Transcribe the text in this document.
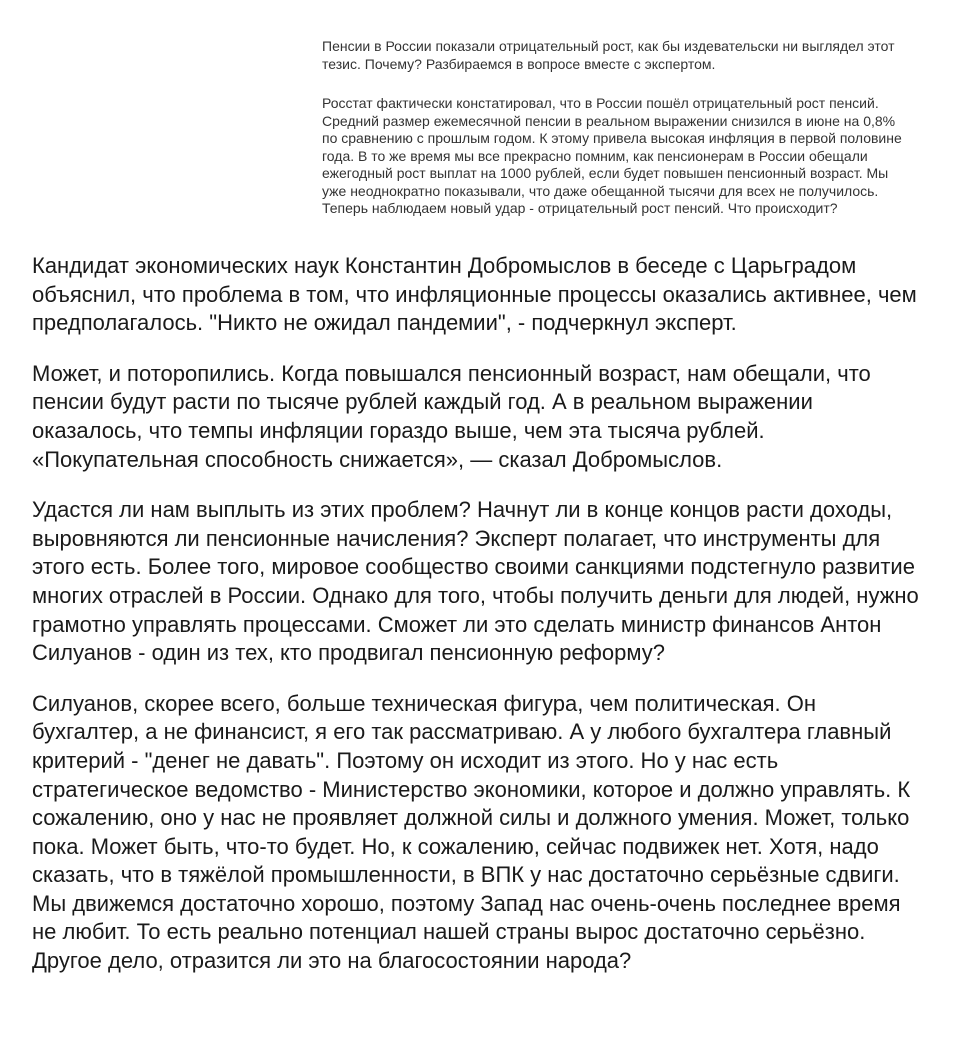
Пенсии в России показали отрицательный рост, как бы издевательски ни выглядел этот тезис. Почему? Разбираемся в вопросе вместе с экспертом.

Росстат фактически констатировал, что в России пошёл отрицательный рост пенсий. Средний размер ежемесячной пенсии в реальном выражении снизился в июне на 0,8% по сравнению с прошлым годом. К этому привела высокая инфляция в первой половине года. В то же время мы все прекрасно помним, как пенсионерам в России обещали ежегодный рост выплат на 1000 рублей, если будет повышен пенсионный возраст. Мы уже неоднократно показывали, что даже обещанной тысячи для всех не получилось. Теперь наблюдаем новый удар - отрицательный рост пенсий. Что происходит?

Кандидат экономических наук Константин Добромыслов в беседе с Царьградом объяснил, что проблема в том, что инфляционные процессы оказались активнее, чем предполагалось. "Никто не ожидал пандемии", - подчеркнул эксперт.

Может, и поторопились. Когда повышался пенсионный возраст, нам обещали, что пенсии будут расти по тысяче рублей каждый год. А в реальном выражении оказалось, что темпы инфляции гораздо выше, чем эта тысяча рублей. «Покупательная способность снижается», — сказал Добромыслов.

Удастся ли нам выплыть из этих проблем? Начнут ли в конце концов расти доходы, выровняются ли пенсионные начисления? Эксперт полагает, что инструменты для этого есть. Более того, мировое сообщество своими санкциями подстегнуло развитие многих отраслей в России. Однако для того, чтобы получить деньги для людей, нужно грамотно управлять процессами. Сможет ли это сделать министр финансов Антон Силуанов - один из тех, кто продвигал пенсионную реформу?

Силуанов, скорее всего, больше техническая фигура, чем политическая. Он бухгалтер, а не финансист, я его так рассматриваю. А у любого бухгалтера главный критерий - "денег не давать". Поэтому он исходит из этого. Но у нас есть стратегическое ведомство - Министерство экономики, которое и должно управлять. К сожалению, оно у нас не проявляет должной силы и должного умения. Может, только пока. Может быть, что-то будет. Но, к сожалению, сейчас подвижек нет. Хотя, надо сказать, что в тяжёлой промышленности, в ВПК у нас достаточно серьёзные сдвиги. Мы движемся достаточно хорошо, поэтому Запад нас очень-очень последнее время не любит. То есть реально потенциал нашей страны вырос достаточно серьёзно. Другое дело, отразится ли это на благосостоянии народа?
